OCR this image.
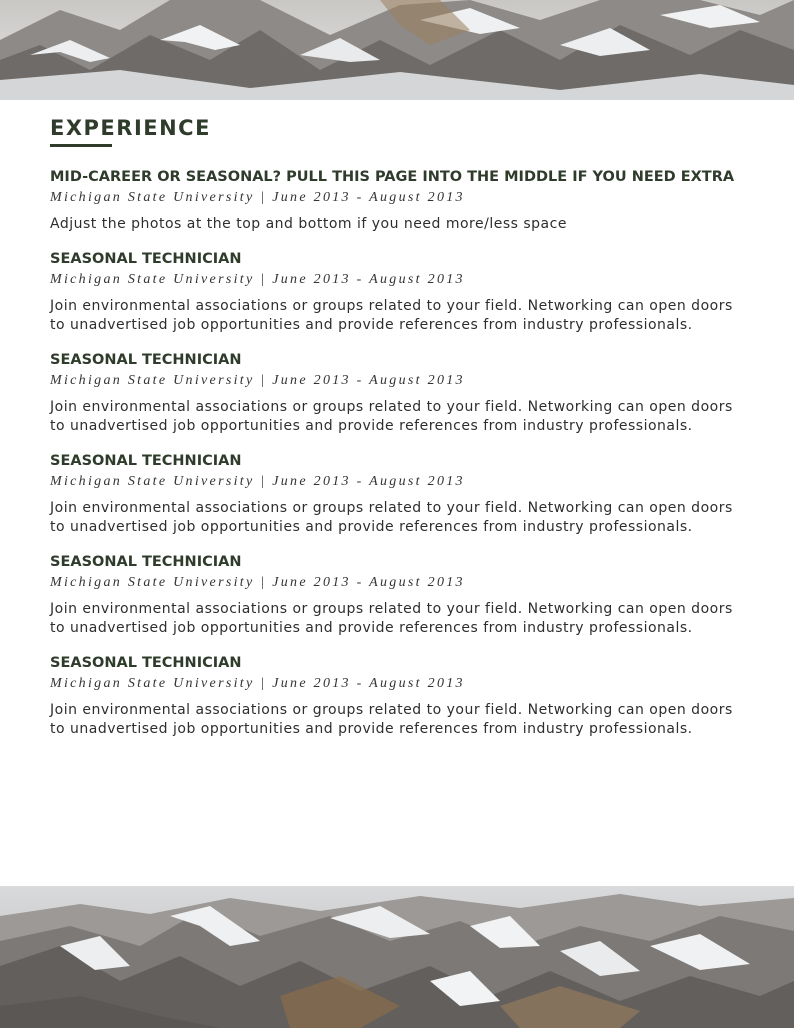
EXPERIENCE

MID-CAREER OR SEASONAL? PULL THIS PAGE INTO THE MIDDLE IF YOU NEED EXTRA

Michigan State University | June 2013 - August 2013

Adjust the photos at the top and bottom if you need more/less space

SEASONAL TECHNICIAN

Michigan State University | June 2013 - August 2013

Join environmental associations or groups related to your field. Networking can open doors to unadvertised job opportunities and provide references from industry professionals.

SEASONAL TECHNICIAN

Michigan State University | June 2013 - August 2013

Join environmental associations or groups related to your field. Networking can open doors to unadvertised job opportunities and provide references from industry professionals.

SEASONAL TECHNICIAN

Michigan State University | June 2013 - August 2013

Join environmental associations or groups related to your field. Networking can open doors to unadvertised job opportunities and provide references from industry professionals.

SEASONAL TECHNICIAN

Michigan State University | June 2013 - August 2013

Join environmental associations or groups related to your field. Networking can open doors to unadvertised job opportunities and provide references from industry professionals.

SEASONAL TECHNICIAN

Michigan State University | June 2013 - August 2013

Join environmental associations or groups related to your field. Networking can open doors to unadvertised job opportunities and provide references from industry professionals.
